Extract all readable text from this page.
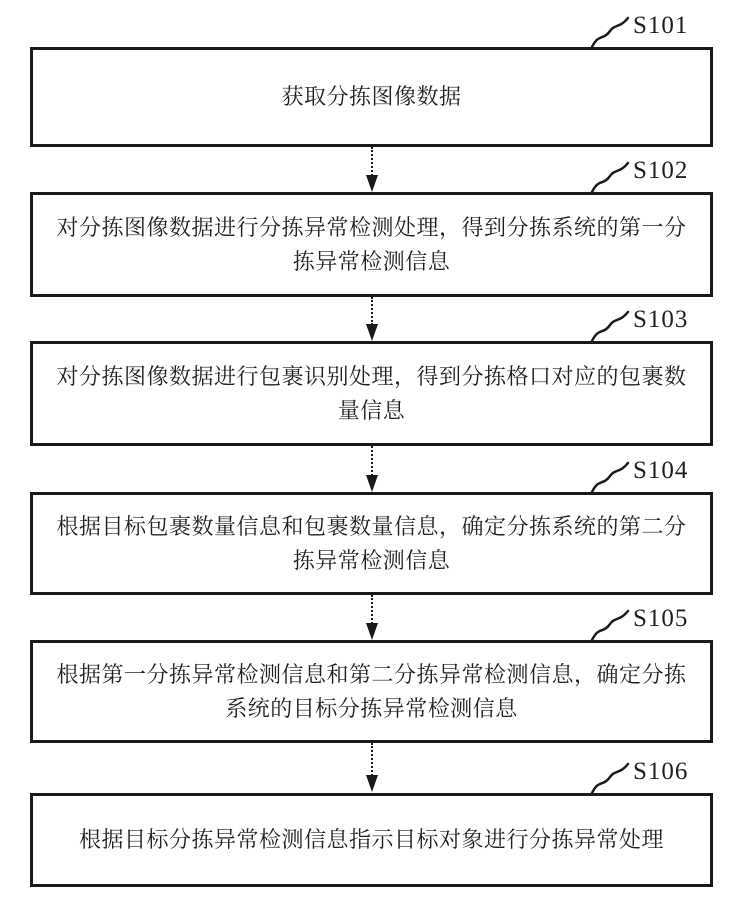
S101
获取分拣图像数据
S102
对分拣图像数据进行分拣异常检测处理，得到分拣系统的第一分
拣异常检测信息
S103
对分拣图像数据进行包裹识别处理，得到分拣格口对应的包裹数
量信息
S104
根据目标包裹数量信息和包裹数量信息，确定分拣系统的第二分
拣异常检测信息
S105
根据第一分拣异常检测信息和第二分拣异常检测信息，确定分拣
系统的目标分拣异常检测信息
S106
根据目标分拣异常检测信息指示目标对象进行分拣异常处理
